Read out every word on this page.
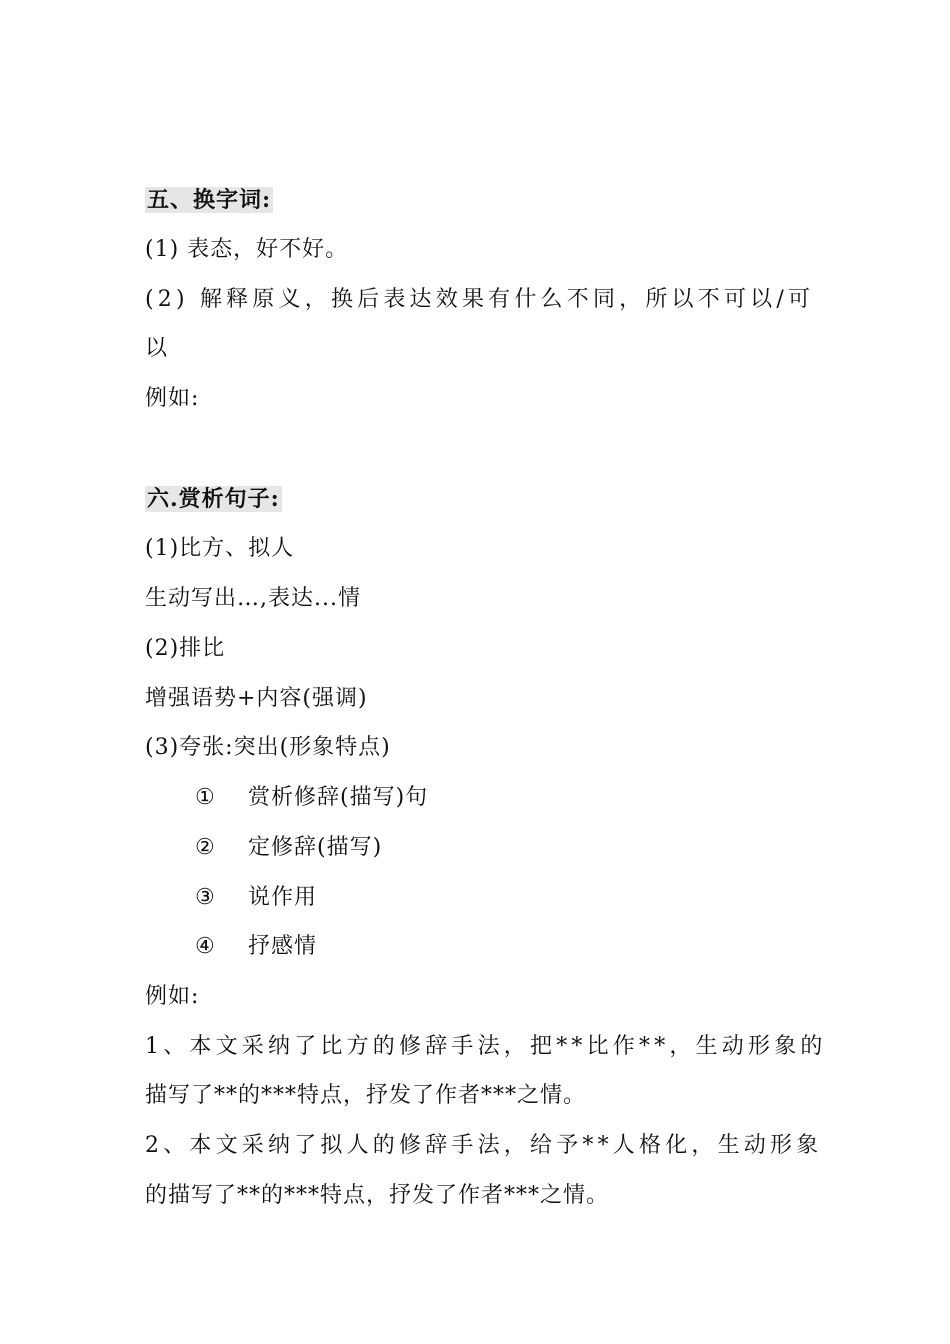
五、换字词:
(1) 表态，好不好。
(2) 解释原义，换后表达效果有什么不同，所以不可以/可
以
例如:
六.赏析句子:
(1)比方、拟人
生动写出…,表达...情
(2)排比
增强语势+内容(强调)
(3)夸张:突出(形象特点)
① 赏析修辞(描写)句
② 定修辞(描写)
③ 说作用
④ 抒感情
例如:
1、本文采纳了比方的修辞手法，把**比作**，生动形象的
描写了**的***特点，抒发了作者***之情。
2、本文采纳了拟人的修辞手法，给予**人格化，生动形象
的描写了**的***特点，抒发了作者***之情。
